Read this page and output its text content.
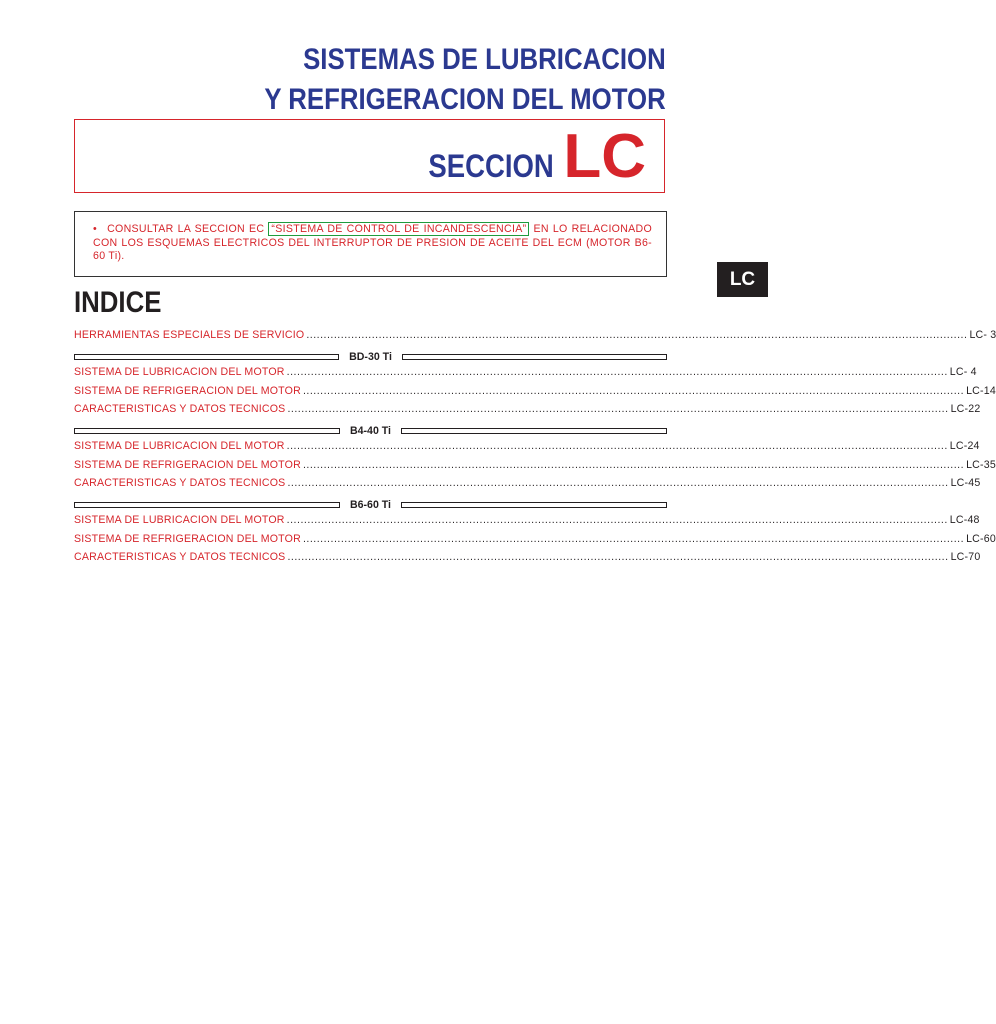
SISTEMAS DE LUBRICACION
Y REFRIGERACION DEL MOTOR
SECCION LC
• CONSULTAR LA SECCION EC “SISTEMA DE CONTROL DE INCANDESCENCIA” EN LO RELACIONADO CON LOS ESQUEMAS ELECTRICOS DEL INTERRUPTOR DE PRESION DE ACEITE DEL ECM (MOTOR B6-60 Ti).
LC
INDICE
HERRAMIENTAS ESPECIALES DE SERVICIO ................................................................................................................................................................................................ LC- 3
BD-30 Ti
SISTEMA DE LUBRICACION DEL MOTOR ................................................................................................................................................................................................ LC- 4
SISTEMA DE REFRIGERACION DEL MOTOR ................................................................................................................................................................................................ LC-14
CARACTERISTICAS Y DATOS TECNICOS ................................................................................................................................................................................................ LC-22
B4-40 Ti
SISTEMA DE LUBRICACION DEL MOTOR ................................................................................................................................................................................................ LC-24
SISTEMA DE REFRIGERACION DEL MOTOR ................................................................................................................................................................................................ LC-35
CARACTERISTICAS Y DATOS TECNICOS ................................................................................................................................................................................................ LC-45
B6-60 Ti
SISTEMA DE LUBRICACION DEL MOTOR ................................................................................................................................................................................................ LC-48
SISTEMA DE REFRIGERACION DEL MOTOR ................................................................................................................................................................................................ LC-60
CARACTERISTICAS Y DATOS TECNICOS ................................................................................................................................................................................................ LC-70
